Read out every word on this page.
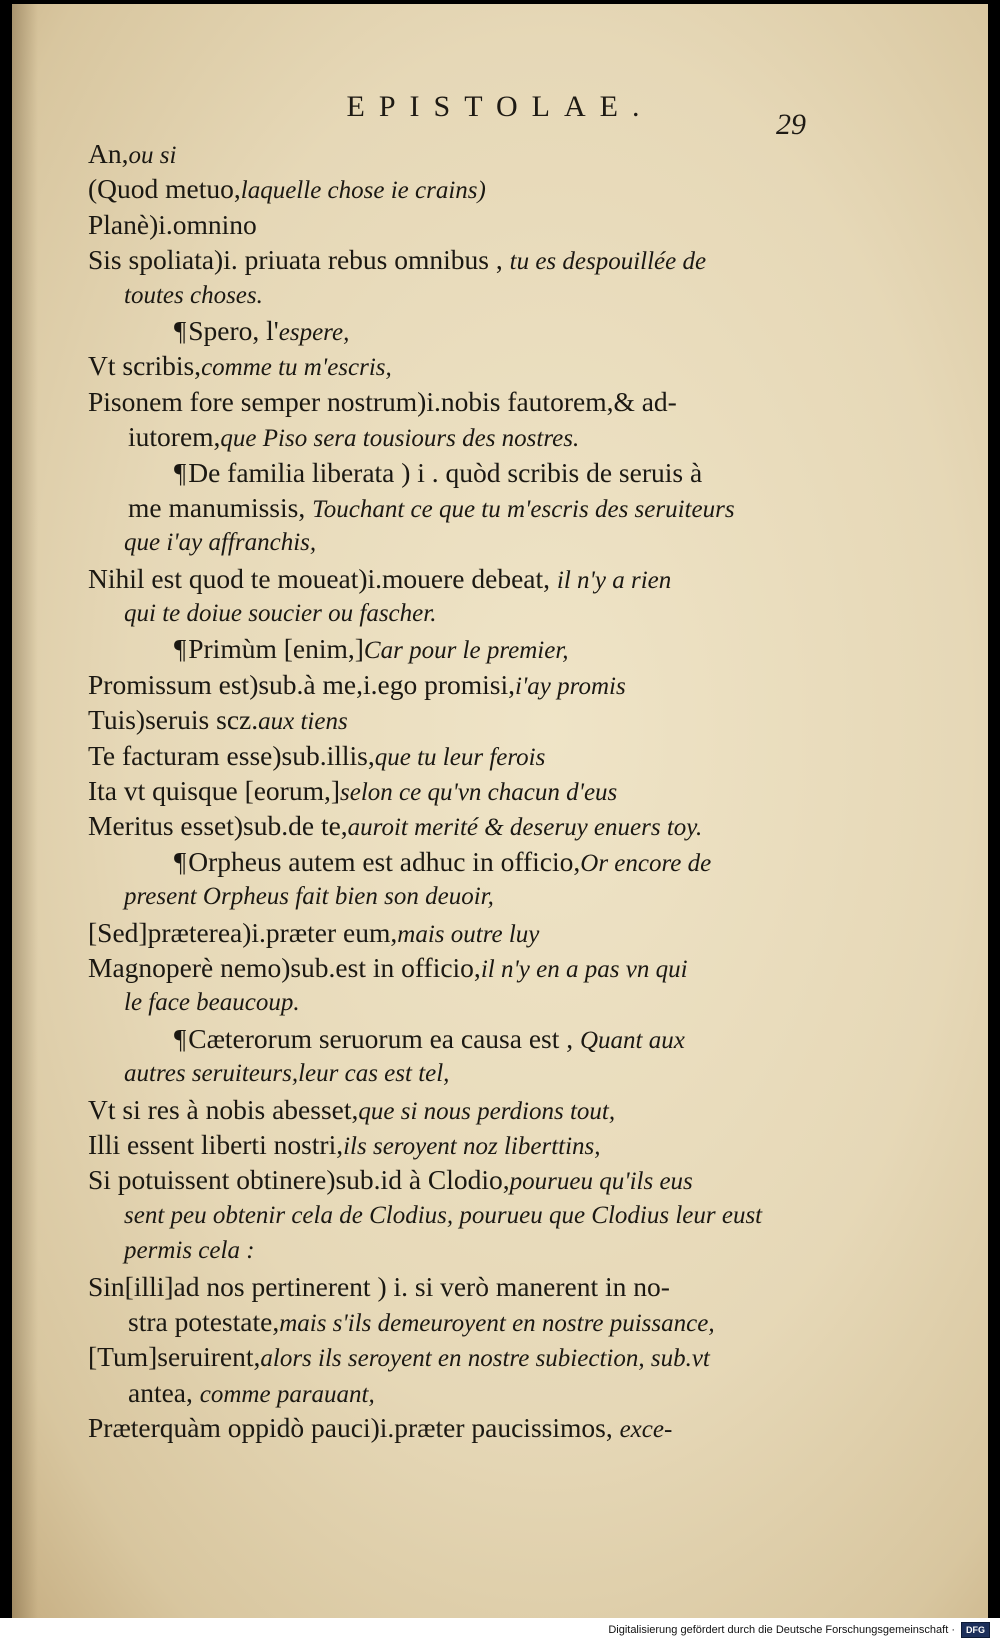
EPISTOLAE.
29
An,ou si
(Quod metuo,laquelle chose ie crains)
Planè)i.omnino
Sis spoliata)i. priuata rebus omnibus , tu es despouillée de
toutes choses.
¶Spero, l'espere,
Vt scribis,comme tu m'escris,
Pisonem fore semper nostrum)i.nobis fautorem,& ad-
iutorem,que Piso sera tousiours des nostres.
¶De familia liberata ) i . quòd scribis de seruis à
me manumissis, Touchant ce que tu m'escris des seruiteurs
que i'ay affranchis,
Nihil est quod te moueat)i.mouere debeat, il n'y a rien
qui te doiue soucier ou fascher.
¶Primùm [enim,]Car pour le premier,
Promissum est)sub.à me,i.ego promisi,i'ay promis
Tuis)seruis scz.aux tiens
Te facturam esse)sub.illis,que tu leur ferois
Ita vt quisque [eorum,]selon ce qu'vn chacun d'eus
Meritus esset)sub.de te,auroit merité & deseruy enuers toy.
¶Orpheus autem est adhuc in officio,Or encore de
present Orpheus fait bien son deuoir,
[Sed]præterea)i.præter eum,mais outre luy
Magnoperè nemo)sub.est in officio,il n'y en a pas vn qui
le face beaucoup.
¶Cæterorum seruorum ea causa est , Quant aux
autres seruiteurs,leur cas est tel,
Vt si res à nobis abesset,que si nous perdions tout,
Illi essent liberti nostri,ils seroyent noz liberttins,
Si potuissent obtinere)sub.id à Clodio,pourueu qu'ils eus
sent peu obtenir cela de Clodius, pourueu que Clodius leur eust
permis cela :
Sin[illi]ad nos pertinerent ) i. si verò manerent in no-
stra potestate,mais s'ils demeuroyent en nostre puissance,
[Tum]seruirent,alors ils seroyent en nostre subiection, sub.vt
antea, comme parauant,
Præterquàm oppidò pauci)i.præter paucissimos, exce-
Digitalisierung gefördert durch die Deutsche Forschungsgemeinschaft ·	DFG
